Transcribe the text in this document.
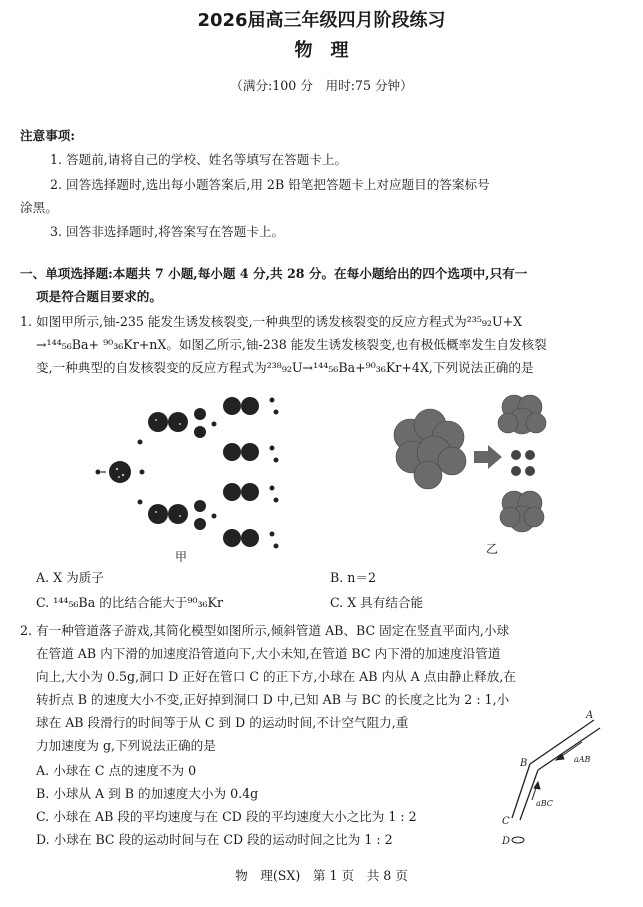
2026届高三年级四月阶段练习
物　理
（满分:100 分　用时:75 分钟）
注意事项:
1. 答题前,请将自己的学校、姓名等填写在答题卡上。
2. 回答选择题时,选出每小题答案后,用 2B 铅笔把答题卡上对应题目的答案标号
涂黑。
3. 回答非选择题时,将答案写在答题卡上。
一、单项选择题:本题共 7 小题,每小题 4 分,共 28 分。在每小题给出的四个选项中,只有一
项是符合题目要求的。
1. 如图甲所示,铀-235 能发生诱发核裂变,一种典型的诱发核裂变的反应方程式为²³⁵₉₂U+X
→¹⁴⁴₅₆Ba+ ⁹⁰₃₆Kr+nX。如图乙所示,铀-238 能发生诱发核裂变,也有极低概率发生自发核裂
变,一种典型的自发核裂变的反应方程式为²³⁸₉₂U→¹⁴⁴₅₆Ba+⁹⁰₃₆Kr+4X,下列说法正确的是
甲
乙
A. X 为质子	B. n＝2
C. ¹⁴⁴₅₆Ba 的比结合能大于⁹⁰₃₆Kr	C. X 具有结合能
2. 有一种管道落子游戏,其简化模型如图所示,倾斜管道 AB、BC 固定在竖直平面内,小球
在管道 AB 内下滑的加速度沿管道向下,大小未知,在管道 BC 内下滑的加速度沿管道
向上,大小为 0.5g,洞口 D 正好在管口 C 的正下方,小球在 AB 内从 A 点由静止释放,在
转折点 B 的速度大小不变,正好掉到洞口 D 中,已知 AB 与 BC 的长度之比为 2 : 1,小
球在 AB 段滑行的时间等于从 C 到 D 的运动时间,不计空气阻力,重
力加速度为 g,下列说法正确的是
A. 小球在 C 点的速度不为 0
B. 小球从 A 到 B 的加速度大小为 0.4g
C. 小球在 AB 段的平均速度与在 CD 段的平均速度大小之比为 1 : 2
D. 小球在 BC 段的运动时间与在 CD 段的运动时间之比为 1 : 2
A
B
C
D
aAB
aBC
物　理(SX)　第 1 页　共 8 页
